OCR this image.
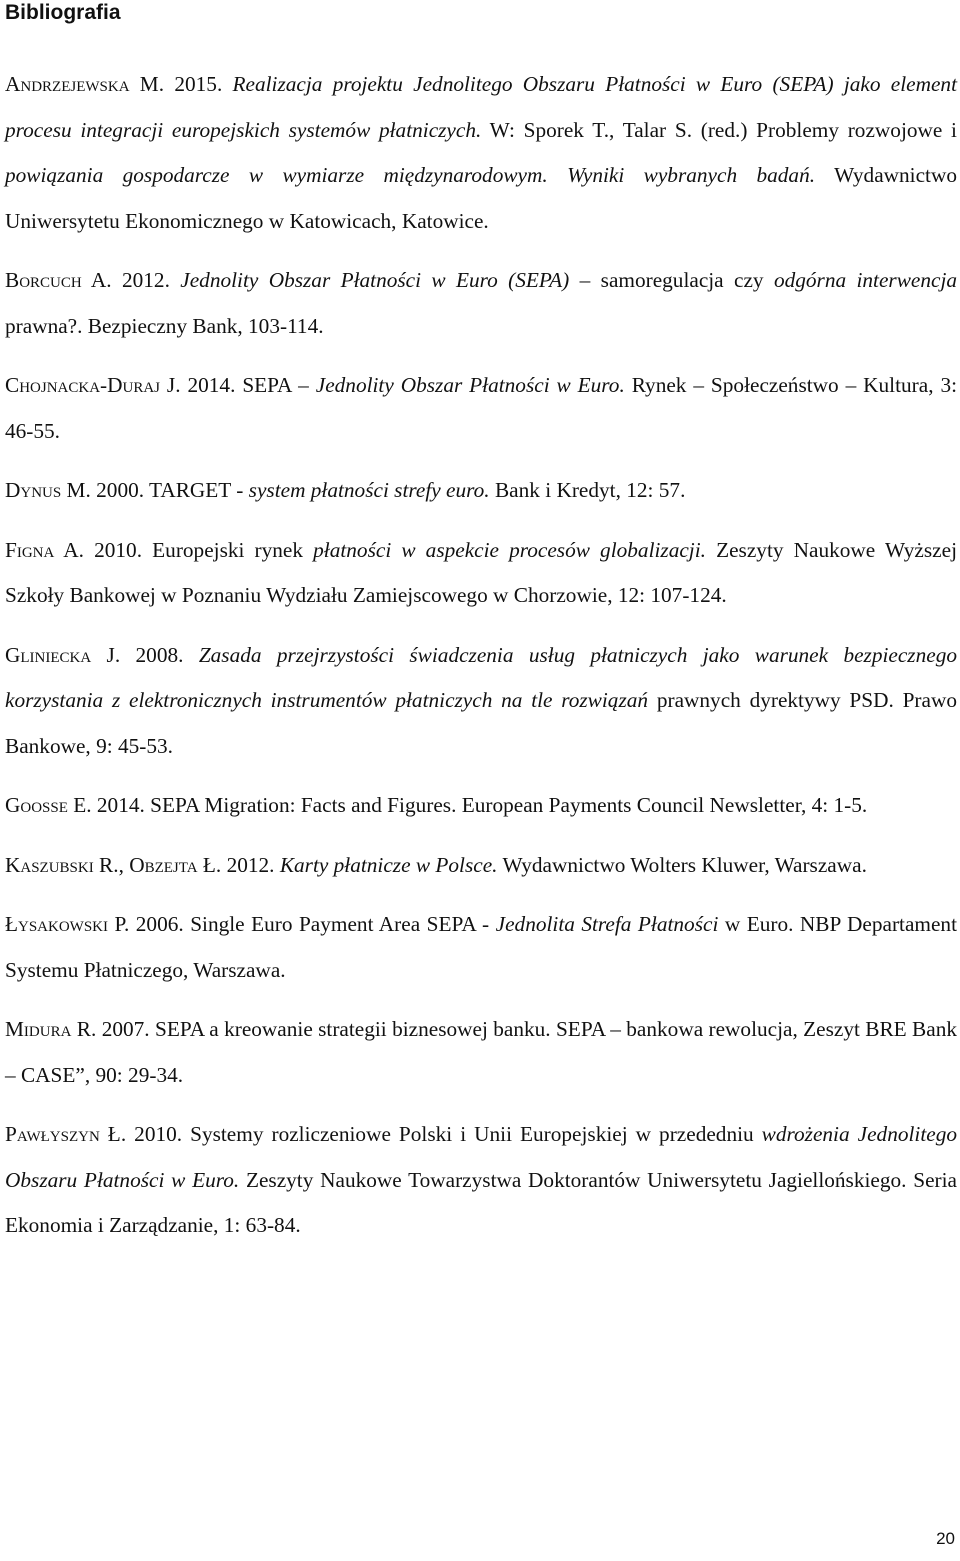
Bibliografia

Andrzejewska M. 2015. Realizacja projektu Jednolitego Obszaru Płatności w Euro (SEPA) jako element procesu integracji europejskich systemów płatniczych. W: Sporek T., Talar S. (red.) Problemy rozwojowe i powiązania gospodarcze w wymiarze międzynarodowym. Wyniki wybranych badań. Wydawnictwo Uniwersytetu Ekonomicznego w Katowicach, Katowice.

Borcuch A. 2012. Jednolity Obszar Płatności w Euro (SEPA) – samoregulacja czy odgórna interwencja prawna?. Bezpieczny Bank, 103-114.

Chojnacka-Duraj J. 2014. SEPA – Jednolity Obszar Płatności w Euro. Rynek – Społeczeństwo – Kultura, 3: 46-55.

Dynus M. 2000. TARGET - system płatności strefy euro. Bank i Kredyt, 12: 57.

Figna A. 2010. Europejski rynek płatności w aspekcie procesów globalizacji. Zeszyty Naukowe Wyższej Szkoły Bankowej w Poznaniu Wydziału Zamiejscowego w Chorzowie, 12: 107-124.

Gliniecka J. 2008. Zasada przejrzystości świadczenia usług płatniczych jako warunek bezpiecznego korzystania z elektronicznych instrumentów płatniczych na tle rozwiązań prawnych dyrektywy PSD. Prawo Bankowe, 9: 45-53.

Goosse E. 2014. SEPA Migration: Facts and Figures. European Payments Council Newsletter, 4: 1-5.

Kaszubski R., Obzejta Ł. 2012. Karty płatnicze w Polsce. Wydawnictwo Wolters Kluwer, Warszawa.

Łysakowski P. 2006. Single Euro Payment Area SEPA - Jednolita Strefa Płatności w Euro. NBP Departament Systemu Płatniczego, Warszawa.

Midura R. 2007. SEPA a kreowanie strategii biznesowej banku. SEPA – bankowa rewolucja, Zeszyt BRE Bank – CASE”, 90: 29-34.

Pawłyszyn Ł. 2010. Systemy rozliczeniowe Polski i Unii Europejskiej w przededniu wdrożenia Jednolitego Obszaru Płatności w Euro. Zeszyty Naukowe Towarzystwa Doktorantów Uniwersytetu Jagiellońskiego. Seria Ekonomia i Zarządzanie, 1: 63-84.

20
